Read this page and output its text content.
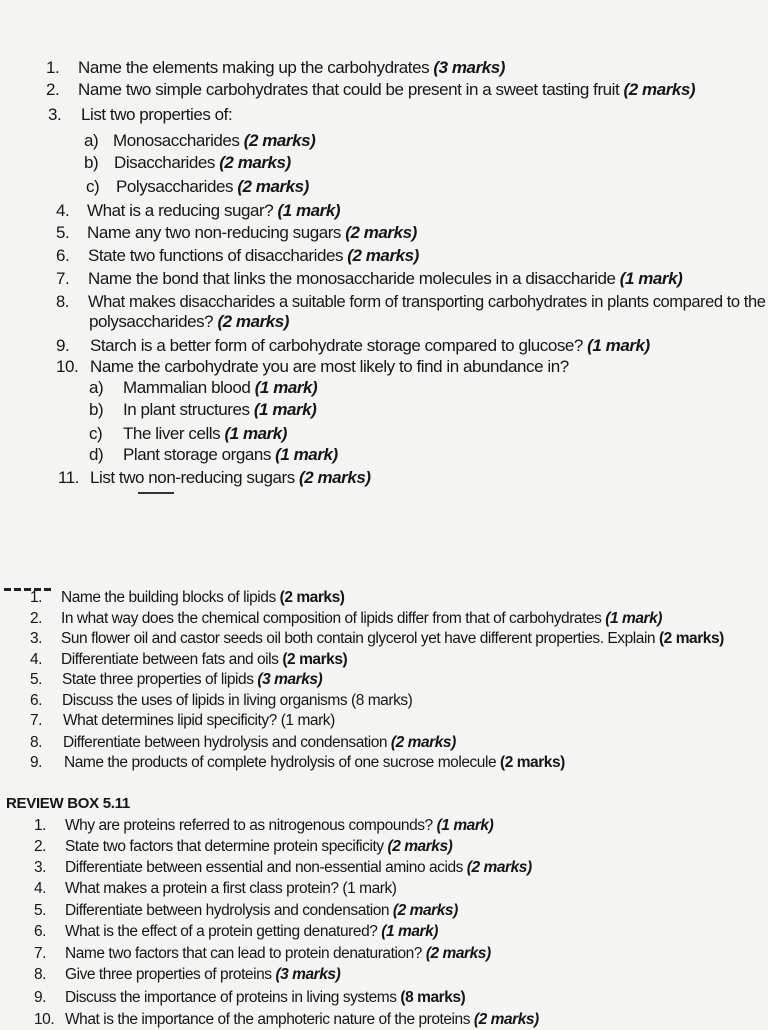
1. Name the elements making up the carbohydrates (3 marks)
2. Name two simple carbohydrates that could be present in a sweet tasting fruit (2 marks)
3. List two properties of:
a) Monosaccharides (2 marks)
b) Disaccharides (2 marks)
c) Polysaccharides (2 marks)
4. What is a reducing sugar? (1 mark)
5. Name any two non-reducing sugars (2 marks)
6. State two functions of disaccharides (2 marks)
7. Name the bond that links the monosaccharide molecules in a disaccharide (1 mark)
8. What makes disaccharides a suitable form of transporting carbohydrates in plants compared to the
polysaccharides? (2 marks)
9. Starch is a better form of carbohydrate storage compared to glucose? (1 mark)
10. Name the carbohydrate you are most likely to find in abundance in?
a) Mammalian blood (1 mark)
b) In plant structures (1 mark)
c) The liver cells (1 mark)
d) Plant storage organs (1 mark)
11. List two non-reducing sugars (2 marks)
1. Name the building blocks of lipids (2 marks)
2. In what way does the chemical composition of lipids differ from that of carbohydrates (1 mark)
3. Sun flower oil and castor seeds oil both contain glycerol yet have different properties. Explain (2 marks)
4. Differentiate between fats and oils (2 marks)
5. State three properties of lipids (3 marks)
6. Discuss the uses of lipids in living organisms (8 marks)
7. What determines lipid specificity? (1 mark)
8. Differentiate between hydrolysis and condensation (2 marks)
9. Name the products of complete hydrolysis of one sucrose molecule (2 marks)
REVIEW BOX 5.11
1. Why are proteins referred to as nitrogenous compounds? (1 mark)
2. State two factors that determine protein specificity (2 marks)
3. Differentiate between essential and non-essential amino acids (2 marks)
4. What makes a protein a first class protein? (1 mark)
5. Differentiate between hydrolysis and condensation (2 marks)
6. What is the effect of a protein getting denatured? (1 mark)
7. Name two factors that can lead to protein denaturation? (2 marks)
8. Give three properties of proteins (3 marks)
9. Discuss the importance of proteins in living systems (8 marks)
10. What is the importance of the amphoteric nature of the proteins (2 marks)
